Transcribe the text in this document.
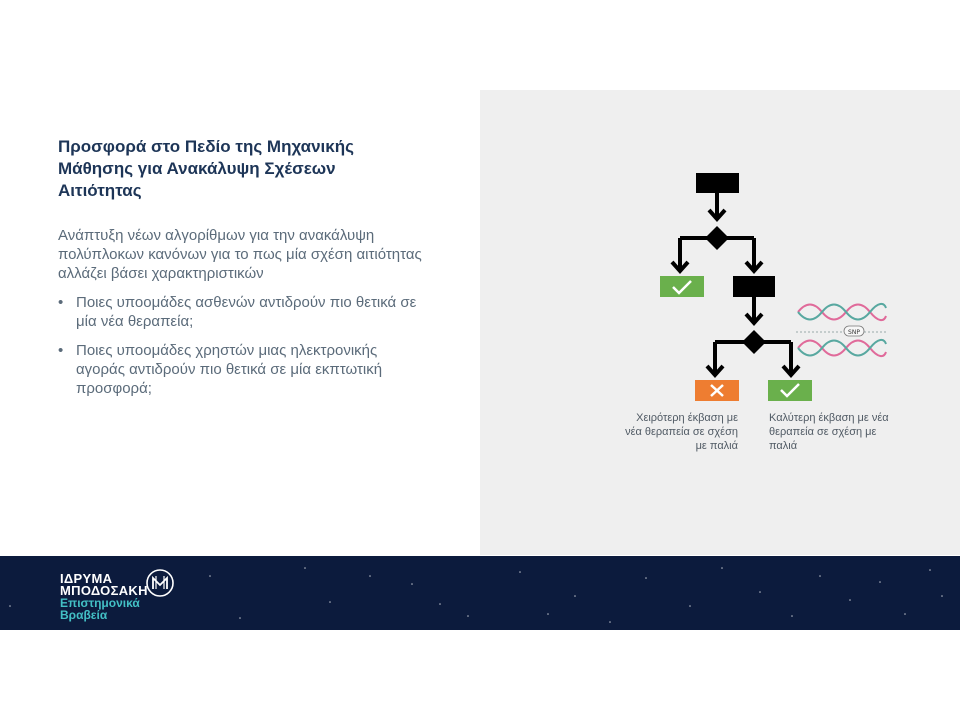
Προσφορά στο Πεδίο της Μηχανικής Μάθησης για Ανακάλυψη Σχέσεων Αιτιότητας

Ανάπτυξη νέων αλγορίθμων για την ανακάλυψη πολύπλοκων κανόνων για το πως μία σχέση αιτιότητας αλλάζει βάσει χαρακτηριστικών

• Ποιες υποομάδες ασθενών αντιδρούν πιο θετικά σε μία νέα θεραπεία;
• Ποιες υποομάδες χρηστών μιας ηλεκτρονικής αγοράς αντιδρούν πιο θετικά σε μία εκπτωτική προσφορά;
SNP

Χειρότερη έκβαση με νέα θεραπεία σε σχέση με παλιά

Καλύτερη έκβαση με νέα θεραπεία σε σχέση με παλιά

ΙΔΡΥΜΑ

ΜΠΟΔΟΣΑΚΗ

Επιστημονικά

Βραβεία
